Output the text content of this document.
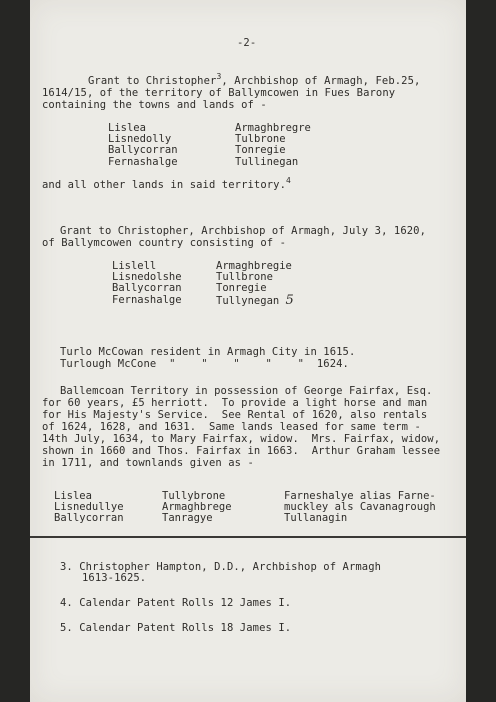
-2-
Grant to Christopher$^3$, Archbishop of Armagh, Feb.25,
1614/15, of the territory of Ballymcowen in Fues Barony
containing the towns and lands of -
Lislea
Lisnedolly
Ballycorran
Fernashalge
Armaghbregre
Tulbrone
Tonregie
Tullinegan
and all other lands in said territory.$^4$
Grant to Christopher, Archbishop of Armagh, July 3, 1620,
of Ballymcowen country consisting of -
Lislell
Lisnedolshe
Ballycorran
Fernashalge
Armaghbregie
Tullbrone
Tonregie
Tullynegan 5
Turlo McCowan resident in Armagh City in 1615.
Turlough McCone  "    "    "    "    "  1624.
Ballemcoan Territory in possession of George Fairfax, Esq.
for 60 years, £5 herriott.  To provide a light horse and man
for His Majesty's Service.  See Rental of 1620, also rentals
of 1624, 1628, and 1631.  Same lands leased for same term -
14th July, 1634, to Mary Fairfax, widow.  Mrs. Fairfax, widow,
shown in 1660 and Thos. Fairfax in 1663.  Arthur Graham lessee
in 1711, and townlands given as -
Lislea
Lisnedullye
Ballycorran
Tullybrone
Armaghbrege
Tanragye
Farneshalye alias Farne-
muckley als Cavanagrough
Tullanagin
3. Christopher Hampton, D.D., Archbishop of Armagh
1613-1625.
4. Calendar Patent Rolls 12 James I.
5. Calendar Patent Rolls 18 James I.
